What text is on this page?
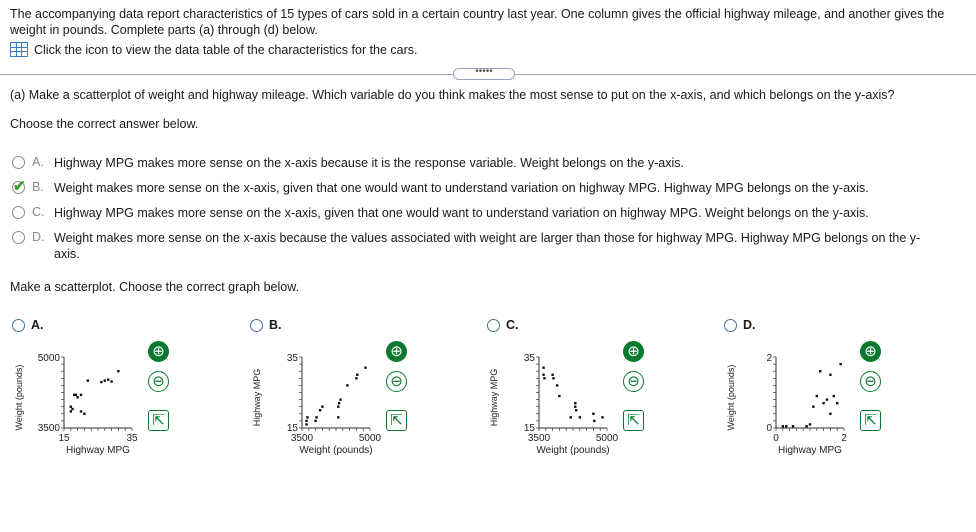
The accompanying data report characteristics of 15 types of cars sold in a certain country last year. One column gives the official highway mileage, and another gives the weight in pounds. Complete parts (a) through (d) below.
Click the icon to view the data table of the characteristics for the cars.
•••••
(a) Make a scatterplot of weight and highway mileage. Which variable do you think makes the most sense to put on the x-axis, and which belongs on the y-axis?
Choose the correct answer below.
A. Highway MPG makes more sense on the x-axis because it is the response variable. Weight belongs on the y-axis.
✔ B. Weight makes more sense on the x-axis, given that one would want to understand variation on highway MPG. Highway MPG belongs on the y-axis.
C. Highway MPG makes more sense on the x-axis, given that one would want to understand variation on highway MPG. Weight belongs on the y-axis.
D. Weight makes more sense on the x-axis because the values associated with weight are larger than those for highway MPG. Highway MPG belongs on the y-axis.
Make a scatterplot. Choose the correct graph below.
A.
5000
3500
15	35
Highway MPG
Weight (pounds)
⊕
⊖
⇱
B.
35
15
3500	5000
Weight (pounds)
Highway MPG
⊕
⊖
⇱
C.
35
15
3500	5000
Weight (pounds)
Highway MPG
⊕
⊖
⇱
D.
2
0
0	2
Highway MPG
Weight (pounds)
⊕
⊖
⇱
